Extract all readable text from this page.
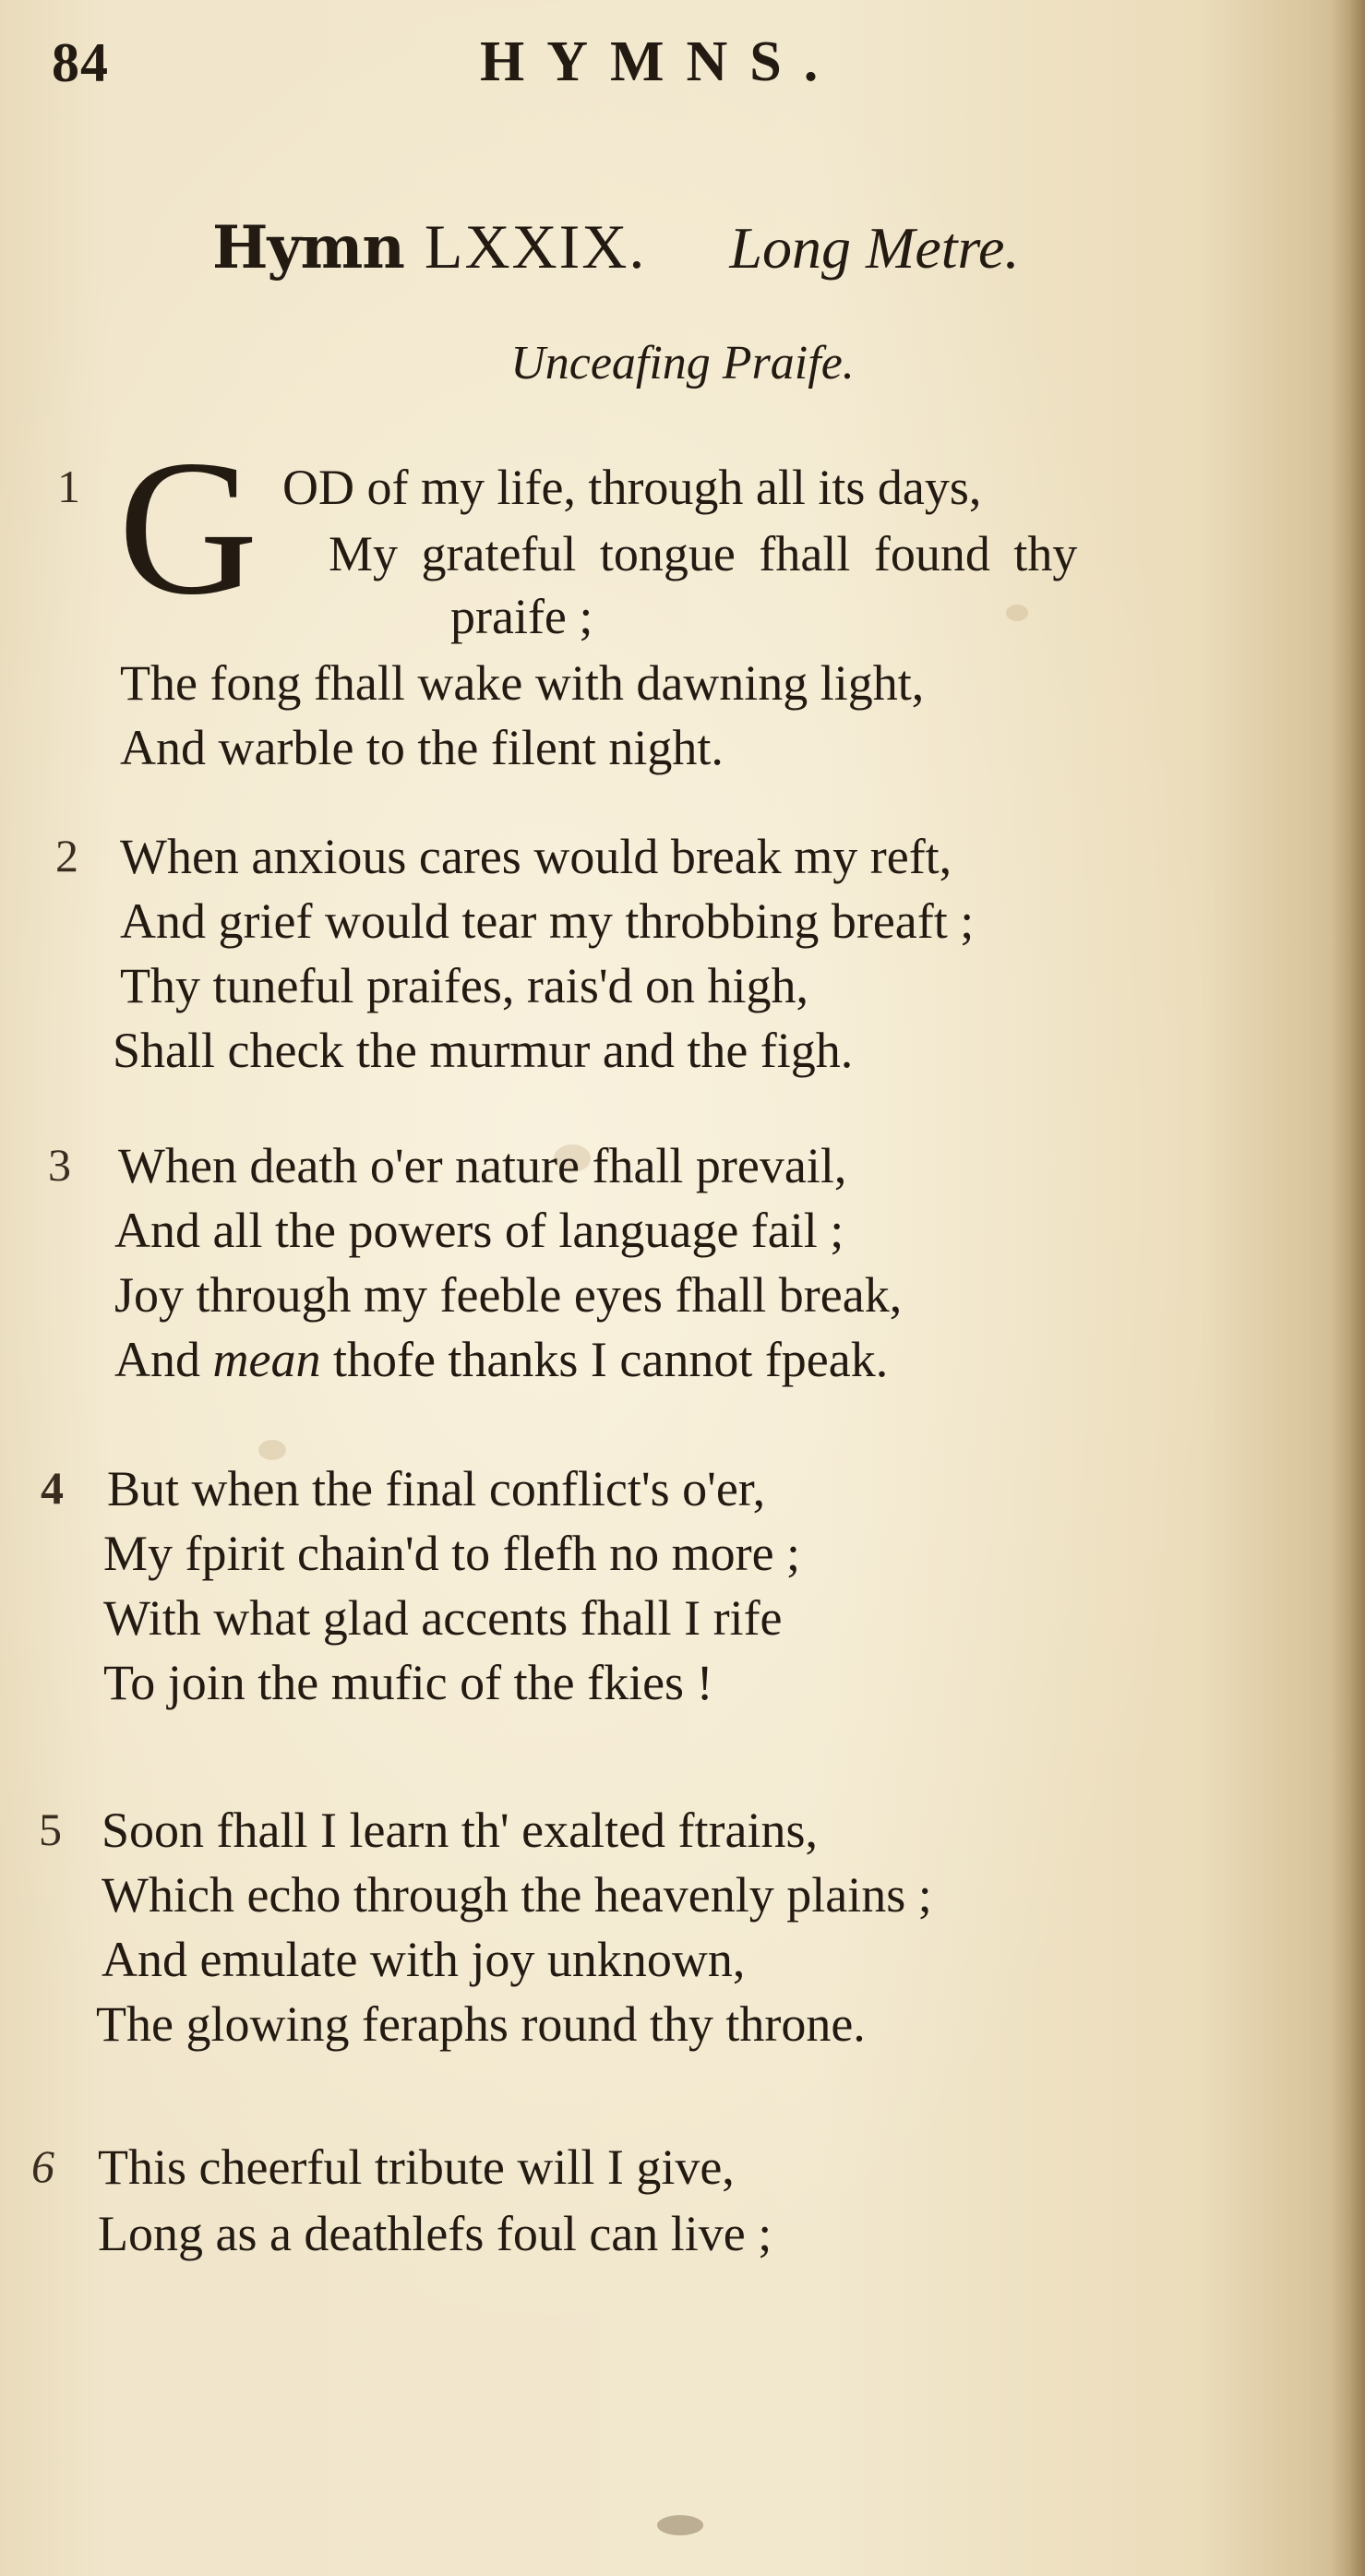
84	HYMNS.
Hymn LXXIX. Long Metre.
Unceafing Praife.
1 G OD of my life, through all its days,
My grateful tongue fhall found thy
praife ;
The fong fhall wake with dawning light,
And warble to the filent night.
2 When anxious cares would break my reft,
And grief would tear my throbbing breaft ;
Thy tuneful praifes, rais'd on high,
Shall check the murmur and the figh.
3 When death o'er nature fhall prevail,
And all the powers of language fail ;
Joy through my feeble eyes fhall break,
And mean thofe thanks I cannot fpeak.
4 But when the final conflict's o'er,
My fpirit chain'd to flefh no more ;
With what glad accents fhall I rife
To join the mufic of the fkies !
5 Soon fhall I learn th' exalted ftrains,
Which echo through the heavenly plains ;
And emulate with joy unknown,
The glowing feraphs round thy throne.
6 This cheerful tribute will I give,
Long as a deathlefs foul can live ;
